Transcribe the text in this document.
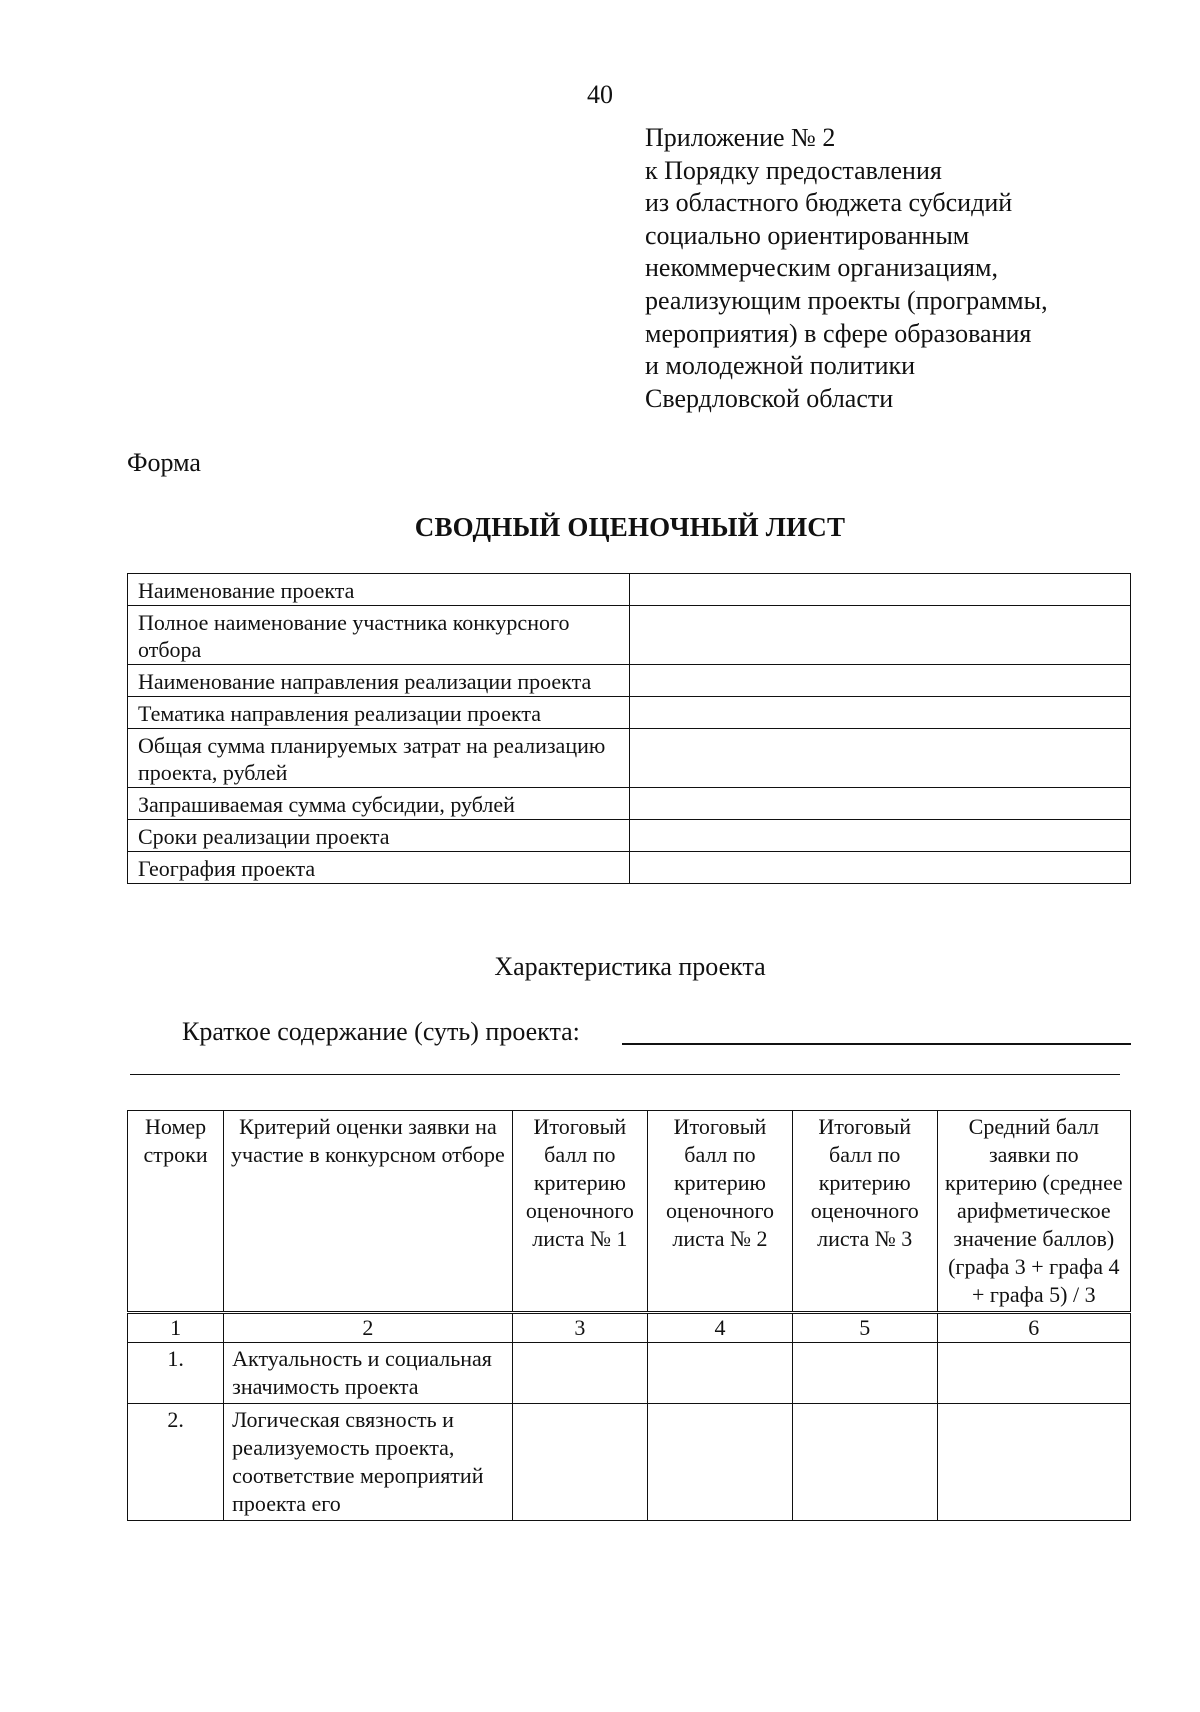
40
Приложение № 2
к Порядку предоставления
из областного бюджета субсидий
социально ориентированным
некоммерческим организациям,
реализующим проекты (программы,
мероприятия) в сфере образования
и молодежной политики
Свердловской области
Форма
СВОДНЫЙ ОЦЕНОЧНЫЙ ЛИСТ
Наименование проекта	
Полное наименование участника конкурсного отбора	
Наименование направления реализации проекта	
Тематика направления реализации проекта	
Общая сумма планируемых затрат на реализацию проекта, рублей	
Запрашиваемая сумма субсидии, рублей	
Сроки реализации проекта	
География проекта	
Характеристика проекта
Краткое содержание (суть) проекта:
Номер строки	Критерий оценки заявки на участие в конкурсном отборе	Итоговый балл по критерию оценочного листа № 1	Итоговый балл по критерию оценочного листа № 2	Итоговый балл по критерию оценочного листа № 3	Средний балл заявки по критерию (среднее арифметическое значение баллов) (графа 3 + графа 4 + графа 5) / 3
1	2	3	4	5	6
1.	Актуальность и социальная значимость проекта				
2.	Логическая связность и реализуемость проекта, соответствие мероприятий проекта его				
